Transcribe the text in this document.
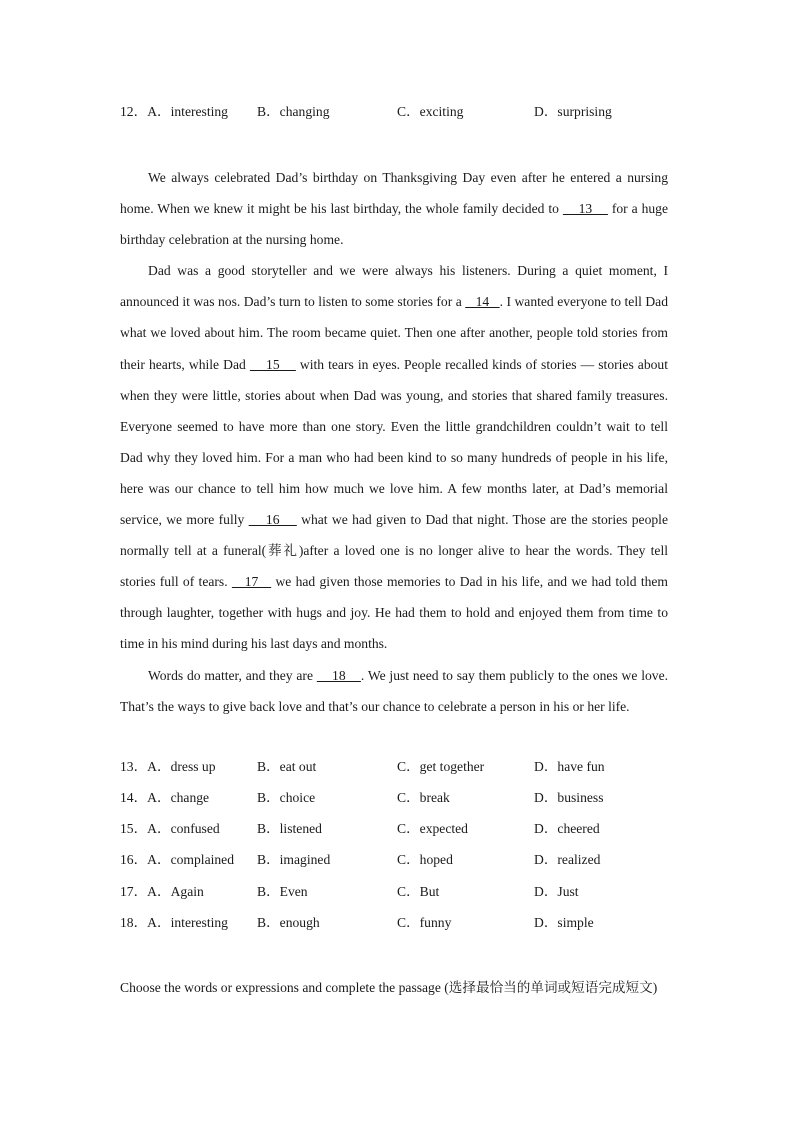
12．A．interesting B．changing	C．exciting	D．surprising

We always celebrated Dad’s birthday on Thanksgiving Day even after he entered a nursing home. When we knew it might be his last birthday, the whole family decided to     13     for a huge birthday celebration at the nursing home.

Dad was a good storyteller and we were always his listeners. During a quiet moment, I announced it was nos. Dad’s turn to listen to some stories for a    14   . I wanted everyone to tell Dad what we loved about him. The room became quiet. Then one after another, people told stories from their hearts, while Dad     15     with tears in eyes. People recalled kinds of stories — stories about when they were little, stories about when Dad was young, and stories that shared family treasures. Everyone seemed to have more than one story. Even the little grandchildren couldn’t wait to tell Dad why they loved him. For a man who had been kind to so many hundreds of people in his life, here was our chance to tell him how much we love him. A few months later, at Dad’s memorial service, we more fully     16     what we had given to Dad that night. Those are the stories people normally tell at a funeral(葬礼)after a loved one is no longer alive to hear the words. They tell stories full of tears.    17    we had given those memories to Dad in his life, and we had told them through laughter, together with hugs and joy. He had them to hold and enjoyed them from time to time in his mind during his last days and months.

Words do matter, and they are     18    . We just need to say them publicly to the ones we love. That’s the ways to give back love and that’s our chance to celebrate a person in his or her life.

13．A．dress up	B．eat out	C．get together	D．have fun
14．A．change	B．choice	C．break	D．business
15．A．confused	B．listened	C．expected	D．cheered
16．A．complained B．imagined	C．hoped	D．realized
17．A．Again	B．Even	C．But	D．Just
18．A．interesting B．enough	C．funny	D．simple
Choose the words or expressions and complete the passage (选择最恰当的单词或短语完成短文)
